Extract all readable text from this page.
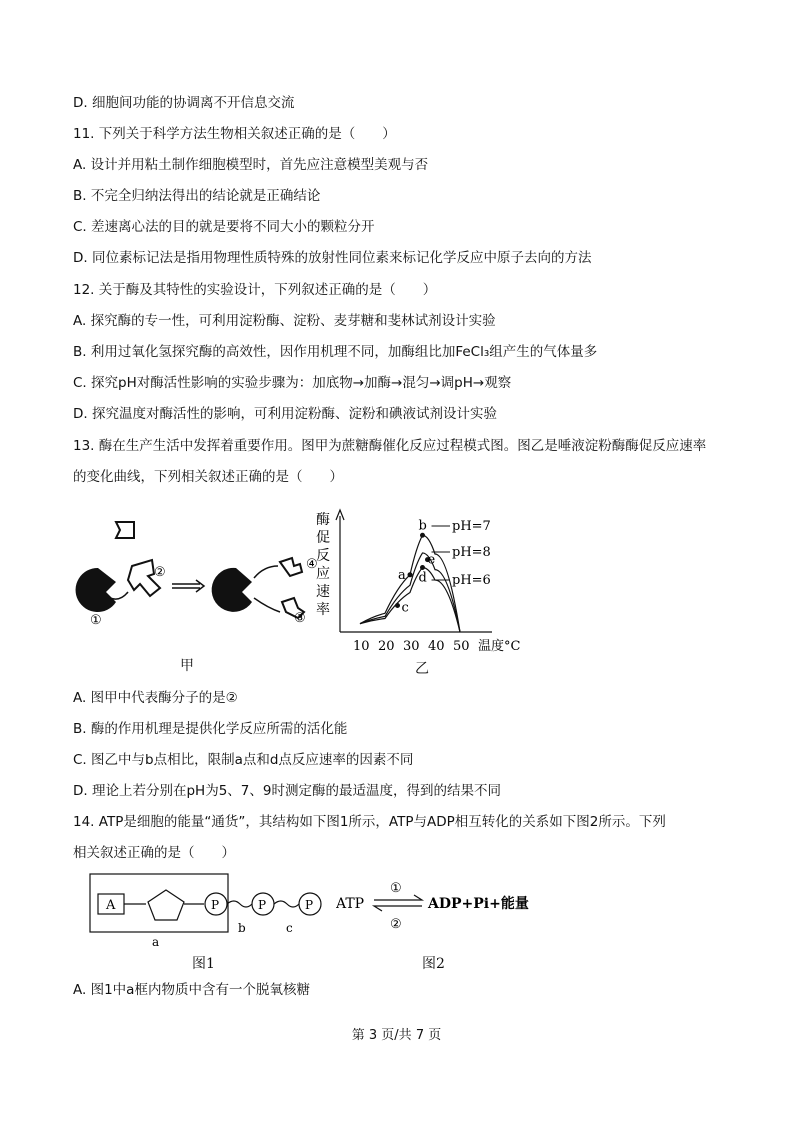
D. 细胞间功能的协调离不开信息交流
11. 下列关于科学方法生物相关叙述正确的是（　　）
A. 设计并用粘土制作细胞模型时，首先应注意模型美观与否
B. 不完全归纳法得出的结论就是正确结论
C. 差速离心法的目的就是要将不同大小的颗粒分开
D. 同位素标记法是指用物理性质特殊的放射性同位素来标记化学反应中原子去向的方法
12. 关于酶及其特性的实验设计，下列叙述正确的是（　　）
A. 探究酶的专一性，可利用淀粉酶、淀粉、麦芽糖和斐林试剂设计实验
B. 利用过氧化氢探究酶的高效性，因作用机理不同，加酶组比加FeCl₃组产生的气体量多
C. 探究pH对酶活性影响的实验步骤为：加底物→加酶→混匀→调pH→观察
D. 探究温度对酶活性的影响，可利用淀粉酶、淀粉和碘液试剂设计实验
13. 酶在生产生活中发挥着重要作用。图甲为蔗糖酶催化反应过程模式图。图乙是唾液淀粉酶酶促反应速率
的变化曲线，下列相关叙述正确的是（　　）
②
①
④
③
甲
酶
促
反
应
速
率
10 20 30 40 50
pH=7
pH=8
pH=6
a
b
c
d
e
温度°C
乙
A. 图甲中代表酶分子的是②
B. 酶的作用机理是提供化学反应所需的活化能
C. 图乙中与b点相比，限制a点和d点反应速率的因素不同
D. 理论上若分别在pH为5、7、9时测定酶的最适温度，得到的结果不同
14. ATP是细胞的能量“通货”，其结构如下图1所示，ATP与ADP相互转化的关系如下图2所示。下列
相关叙述正确的是（　　）
A	P	P	P
a
b	c
图1
ATP
①
②
ADP+Pi+能量
图2
A. 图1中a框内物质中含有一个脱氧核糖
第 3 页/共 7 页
